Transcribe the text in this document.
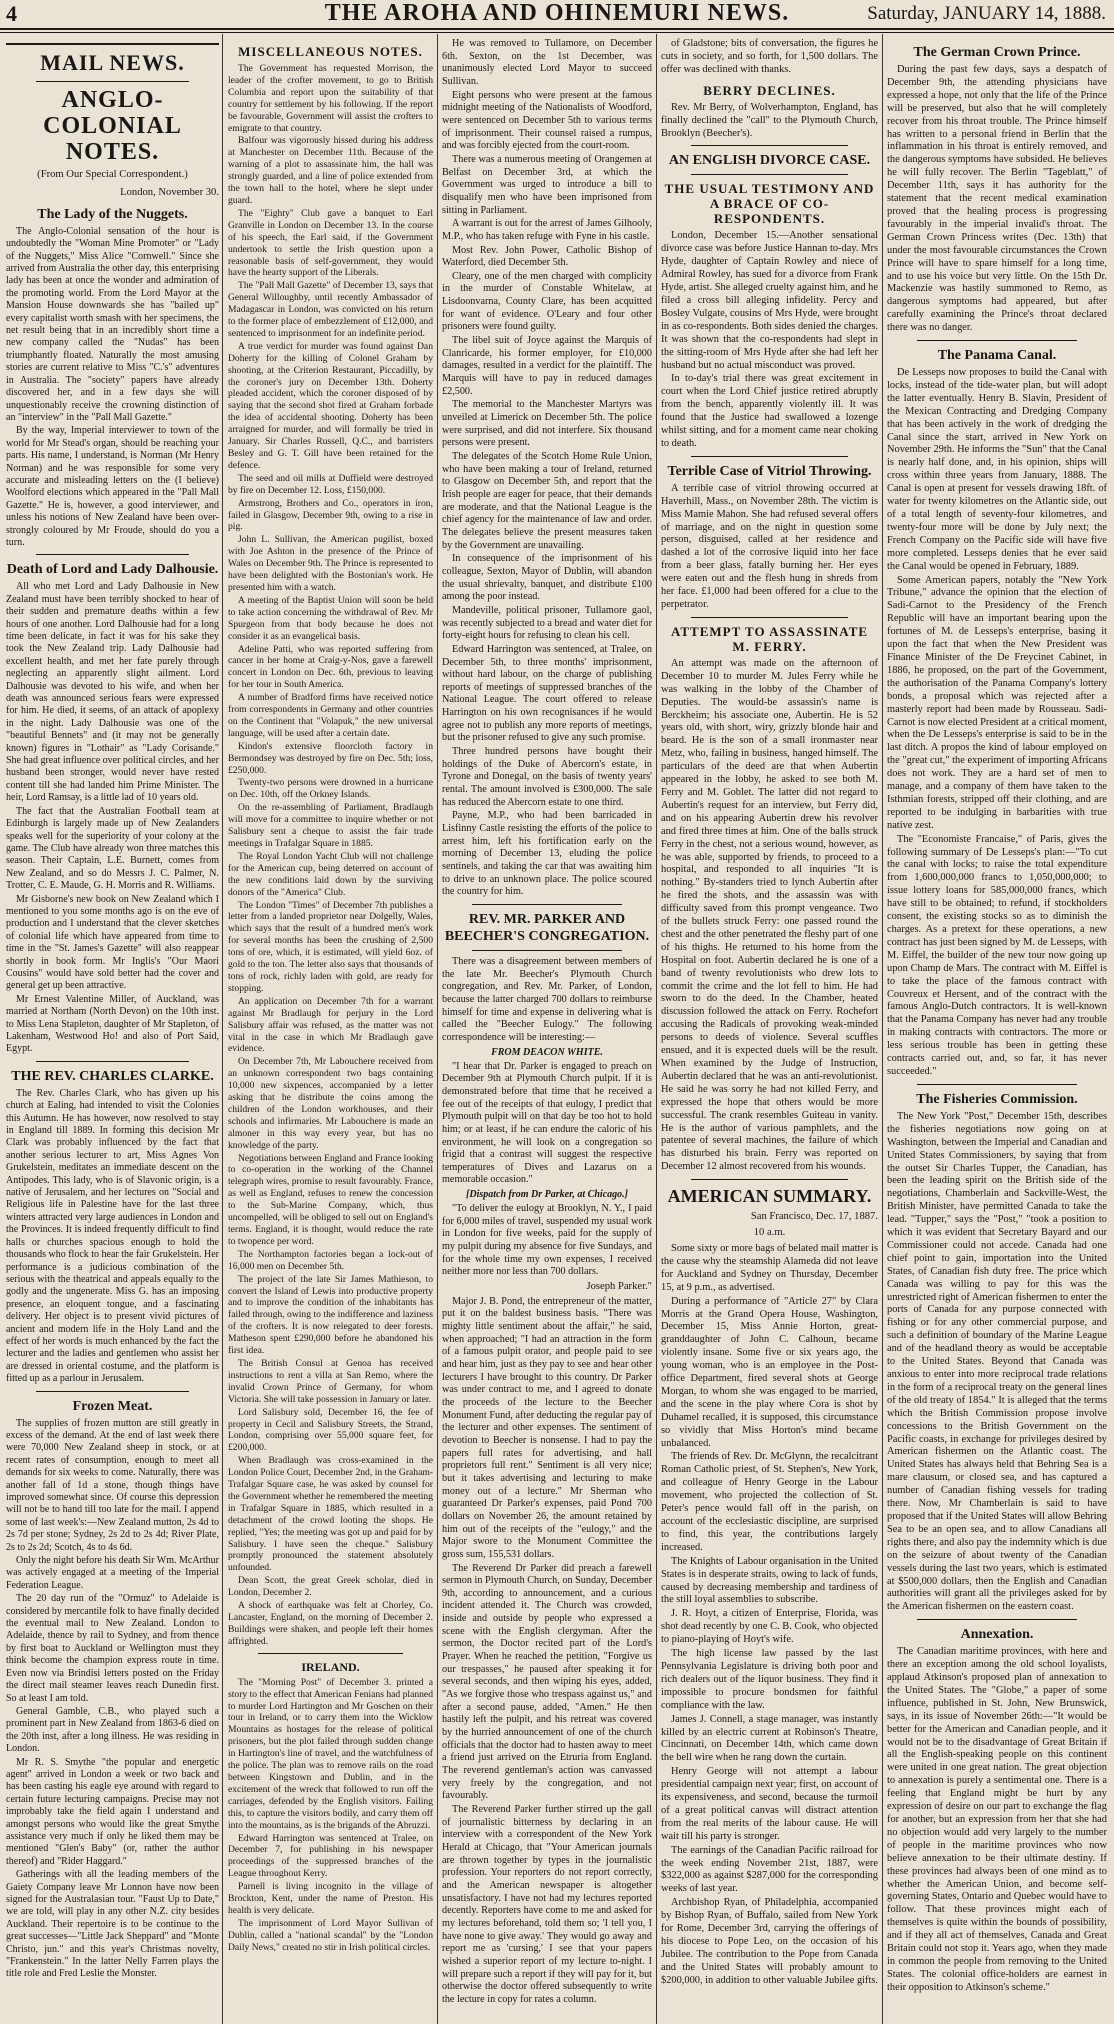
4	THE AROHA AND OHINEMURI NEWS.	Saturday, JANUARY 14, 1888.
MAIL NEWS.
ANGLO-COLONIAL NOTES.
(From Our Special Correspondent.)
London, November 30.
The Lady of the Nuggets.

The Anglo-Colonial sensation of the hour is undoubtedly the "Woman Mine Promoter" or "Lady of the Nuggets," Miss Alice "Cornwell." Since she arrived from Australia the other day, this enterprising lady has been at once the wonder and admiration of the promoting world. From the Lord Mayor at the Mansion House downwards she has "bailed up" every capitalist worth smash with her specimens, the net result being that in an incredibly short time a new company called the "Nudas" has been triumphantly floated. Naturally the most amusing stories are current relative to Miss "C.'s" adventures in Australia. The "society" papers have already discovered her, and in a few days she will unquestionably receive the crowning distinction of an "interview" in the "Pall Mall Gazette."

By the way, Imperial interviewer to town of the world for Mr Stead's organ, should be reaching your parts. His name, I understand, is Norman (Mr Henry Norman) and he was responsible for some very accurate and misleading letters on the (I believe) Woolford elections which appeared in the "Pall Mall Gazette." He is, however, a good interviewer, and unless his notions of New Zealand have been over-strongly coloured by Mr Froude, should do you a turn.

Death of Lord and Lady Dalhousie.

All who met Lord and Lady Dalhousie in New Zealand must have been terribly shocked to hear of their sudden and premature deaths within a few hours of one another. Lord Dalhousie had for a long time been delicate, in fact it was for his sake they took the New Zealand trip. Lady Dalhousie had excellent health, and met her fate purely through neglecting an apparently slight ailment. Lord Dalhousie was devoted to his wife, and when her death was announced serious fears were expressed for him. He died, it seems, of an attack of apoplexy in the night. Lady Dalhousie was one of the "beautiful Bennets" and (it may not be generally known) figures in "Lothair" as "Lady Corisande." She had great influence over political circles, and her husband been stronger, would never have rested content till she had landed him Prime Minister. The heir, Lord Ramsay, is a little lad of 10 years old.

The fact that the Australian Football team at Edinburgh is largely made up of New Zealanders speaks well for the superiority of your colony at the game. The Club have already won three matches this season. Their Captain, L.E. Burnett, comes from New Zealand, and so do Messrs J. C. Palmer, N. Trotter, C. E. Maude, G. H. Morris and R. Williams.

Mr Gisborne's new book on New Zealand which I mentioned to you some months ago is on the eve of production and I understand that the clever sketches of colonial life which have appeared from time to time in the "St. James's Gazette" will also reappear shortly in book form. Mr Inglis's "Our Maori Cousins" would have sold better had the cover and general get up been attractive.

Mr Ernest Valentine Miller, of Auckland, was married at Northam (North Devon) on the 10th inst. to Miss Lena Stapleton, daughter of Mr Stapleton, of Lakenham, Westwood Ho! and also of Port Said, Egypt.

THE REV. CHARLES CLARKE.

The Rev. Charles Clark, who has given up his church at Ealing, had intended to visit the Colonies this Autumn. He has however, now resolved to stay in England till 1889. In forming this decision Mr Clark was probably influenced by the fact that another serious lecturer to art, Miss Agnes Von Grukelstein, meditates an immediate descent on the Antipodes. This lady, who is of Slavonic origin, is a native of Jerusalem, and her lectures on "Social and Religious life in Palestine have for the last three winters attracted very large audiences in London and the Provinces. It is indeed frequently difficult to find halls or churches spacious enough to hold the thousands who flock to hear the fair Grukelstein. Her performance is a judicious combination of the serious with the theatrical and appeals equally to the godly and the ungenerate. Miss G. has an imposing presence, an eloquent tongue, and a fascinating delivery. Her object is to present vivid pictures of ancient and modern life in the Holy Land and the effect of her words is much enhanced by the fact the lecturer and the ladies and gentlemen who assist her are dressed in oriental costume, and the platform is fitted up as a parlour in Jerusalem.

Frozen Meat.

The supplies of frozen mutton are still greatly in excess of the demand. At the end of last week there were 70,000 New Zealand sheep in stock, or at recent rates of consumption, enough to meet all demands for six weeks to come. Naturally, there was another fall of 1d a stone, though things have improved somewhat since. Of course this depression will not be to hand till too late for the mail. I append some of last week's:—New Zealand mutton, 2s 4d to 2s 7d per stone; Sydney, 2s 2d to 2s 4d; River Plate, 2s to 2s 2d; Scotch, 4s to 4s 6d.

Only the night before his death Sir Wm. McArthur was actively engaged at a meeting of the Imperial Federation League.

The 20 day run of the "Ormuz" to Adelaide is considered by mercantile folk to have finally decided the eventual mail to New Zealand. London to Adelaide, thence by rail to Sydney, and from thence by first boat to Auckland or Wellington must they think become the champion express route in time. Even now via Brindisi letters posted on the Friday the direct mail steamer leaves reach Dunedin first. So at least I am told.

General Gamble, C.B., who played such a prominent part in New Zealand from 1863-6 died on the 20th inst, after a long illness. He was residing in London.

Mr R. S. Smythe "the popular and energetic agent" arrived in London a week or two back and has been casting his eagle eye around with regard to certain future lecturing campaigns. Precise may not improbably take the field again I understand and amongst persons who would like the great Smythe assistance very much if only he liked them may be mentioned "Glen's Baby" (or, rather the author thereof) and "Rider Haggard."

Gatherings with all the leading members of the Gaiety Company leave Mr Lonnon have now been signed for the Australasian tour. "Faust Up to Date," we are told, will play in any other N.Z. city besides Auckland. Their repertoire is to be continue to the great successes—"Little Jack Sheppard" and "Monte Christo, jun." and this year's Christmas novelty, "Frankenstein." In the latter Nelly Farren plays the title role and Fred Leslie the Monster.

MISCELLANEOUS NOTES.

The Government has requested Morrison, the leader of the crofter movement, to go to British Columbia and report upon the suitability of that country for settlement by his following. If the report be favourable, Government will assist the crofters to emigrate to that country.

Balfour was vigorously hissed during his address at Manchester on December 11th. Because of the warning of a plot to assassinate him, the hall was strongly guarded, and a line of police extended from the town hall to the hotel, where he slept under guard.

The "Eighty" Club gave a banquet to Earl Granville in London on December 13. In the course of his speech, the Earl said, if the Government undertook to settle the Irish question upon a reasonable basis of self-government, they would have the hearty support of the Liberals.

The "Pall Mall Gazette" of December 13, says that General Willoughby, until recently Ambassador of Madagascar in London, was convicted on his return to the former place of embezzlement of £12,000, and sentenced to imprisonment for an indefinite period.

A true verdict for murder was found against Dan Doherty for the killing of Colonel Graham by shooting, at the Criterion Restaurant, Piccadilly, by the coroner's jury on December 13th. Doherty pleaded accident, which the coroner disposed of by saying that the second shot fired at Graham forbade the idea of accidental shooting. Doherty has been arraigned for murder, and will formally be tried in January. Sir Charles Russell, Q.C., and barristers Besley and G. T. Gill have been retained for the defence.

The seed and oil mills at Duffield were destroyed by fire on December 12. Loss, £150,000.

Armstrong, Brothers and Co., operators in iron, failed in Glasgow, December 9th, owing to a rise in pig.

John L. Sullivan, the American pugilist, boxed with Joe Ashton in the presence of the Prince of Wales on December 9th. The Prince is represented to have been delighted with the Bostonian's work. He presented him with a watch.

A meeting of the Baptist Union will soon be held to take action concerning the withdrawal of Rev. Mr Spurgeon from that body because he does not consider it as an evangelical basis.

Adeline Patti, who was reported suffering from cancer in her home at Craig-y-Nos, gave a farewell concert in London on Dec. 6th, previous to leaving for her tour in South America.

A number of Bradford firms have received notice from correspondents in Germany and other countries on the Continent that "Volapuk," the new universal language, will be used after a certain date.

Kindon's extensive floorcloth factory in Bermondsey was destroyed by fire on Dec. 5th; loss, £250,000.

Twenty-two persons were drowned in a hurricane on Dec. 10th, off the Orkney Islands.

On the re-assembling of Parliament, Bradlaugh will move for a committee to inquire whether or not Salisbury sent a cheque to assist the fair trade meetings in Trafalgar Square in 1885.

The Royal London Yacht Club will not challenge for the American cup, being deterred on account of the new conditions laid down by the surviving donors of the "America" Club.

The London "Times" of December 7th publishes a letter from a landed proprietor near Dolgelly, Wales, which says that the result of a hundred men's work for several months has been the crushing of 2,500 tons of ore, which, it is estimated, will yield 6oz. of gold to the ton. The letter also says that thousands of tons of rock, richly laden with gold, are ready for stopping.

An application on December 7th for a warrant against Mr Bradlaugh for perjury in the Lord Salisbury affair was refused, as the matter was not vital in the case in which Mr Bradlaugh gave evidence.

On December 7th, Mr Labouchere received from an unknown correspondent two bags containing 10,000 new sixpences, accompanied by a letter asking that he distribute the coins among the children of the London workhouses, and their schools and infirmaries. Mr Labouchere is made an almoner in this way every year, but has no knowledge of the party.

Negotiations between England and France looking to co-operation in the working of the Channel telegraph wires, promise to result favourably. France, as well as England, refuses to renew the concession to the Sub-Marine Company, which, thus uncompelled, will be obliged to sell out on England's terms. England, it is thought, would reduce the rate to twopence per word.

The Northampton factories began a lock-out of 16,000 men on December 5th.

The project of the late Sir James Mathieson, to convert the Island of Lewis into productive property and to improve the condition of the inhabitants has failed through, owing to the indifference and laziness of the crofters. It is now relegated to deer forests. Matheson spent £290,000 before he abandoned his first idea.

The British Consul at Genoa has received instructions to rent a villa at San Remo, where the invalid Crown Prince of Germany, for whom Victoria. She will take possession in January or later.

Lord Salisbury sold, December 16, the fee of property in Cecil and Salisbury Streets, the Strand, London, comprising over 55,000 square feet, for £200,000.

When Bradlaugh was cross-examined in the London Police Court, December 2nd, in the Graham-Trafalgar Square case, he was asked by counsel for the Government whether he remembered the meeting in Trafalgar Square in 1885, which resulted in a detachment of the crowd looting the shops. He replied, "Yes; the meeting was got up and paid for by Salisbury. I have seen the cheque." Salisbury promptly pronounced the statement absolutely unfounded.

Dean Scott, the great Greek scholar, died in London, December 2.

A shock of earthquake was felt at Chorley, Co. Lancaster, England, on the morning of December 2. Buildings were shaken, and people left their homes affrighted.

IRELAND.

The "Morning Post" of December 3. printed a story to the effect that American Fenians had planned to murder Lord Hartington and Mr Goschen on their tour in Ireland, or to carry them into the Wicklow Mountains as hostages for the release of political prisoners, but the plot failed through sudden change in Hartington's line of travel, and the watchfulness of the police. The plan was to remove rails on the road between Kingstown and Dublin, and in the excitement of the wreck that followed to run off the carriages, defended by the English visitors. Failing this, to capture the visitors bodily, and carry them off into the mountains, as is the brigands of the Abruzzi.

Edward Harrington was sentenced at Tralee, on December 7, for publishing in his newspaper proceedings of the suppressed branches of the League throughout Kerry.

Parnell is living incognito in the village of Brockton, Kent, under the name of Preston. His health is very delicate.

The imprisonment of Lord Mayor Sullivan of Dublin, called a "national scandal" by the "London Daily News," created no stir in Irish political circles.

He was removed to Tullamore, on December 6th. Sexton, on the 1st December, was unanimously elected Lord Mayor to succeed Sullivan.

Eight persons who were present at the famous midnight meeting of the Nationalists of Woodford, were sentenced on December 5th to various terms of imprisonment. Their counsel raised a rumpus, and was forcibly ejected from the court-room.

There was a numerous meeting of Orangemen at Belfast on December 3rd, at which the Government was urged to introduce a bill to disqualify men who have been imprisoned from sitting in Parliament.

A warrant is out for the arrest of James Gilhooly, M.P., who has taken refuge with Fyne in his castle.

Most Rev. John Power, Catholic Bishop of Waterford, died December 5th.

Cleary, one of the men charged with complicity in the murder of Constable Whitelaw, at Lisdoonvarna, County Clare, has been acquitted for want of evidence. O'Leary and four other prisoners were found guilty.

The libel suit of Joyce against the Marquis of Clanricarde, his former employer, for £10,000 damages, resulted in a verdict for the plaintiff. The Marquis will have to pay in reduced damages £2,500.

The memorial to the Manchester Martyrs was unveiled at Limerick on December 5th. The police were surprised, and did not interfere. Six thousand persons were present.

The delegates of the Scotch Home Rule Union, who have been making a tour of Ireland, returned to Glasgow on December 5th, and report that the Irish people are eager for peace, that their demands are moderate, and that the National League is the chief agency for the maintenance of law and order. The delegates believe the present measures taken by the Government are unavailing.

In consequence of the imprisonment of his colleague, Sexton, Mayor of Dublin, will abandon the usual shrievalty, banquet, and distribute £100 among the poor instead.

Mandeville, political prisoner, Tullamore gaol, was recently subjected to a bread and water diet for forty-eight hours for refusing to clean his cell.

Edward Harrington was sentenced, at Tralee, on December 5th, to three months' imprisonment, without hard labour, on the charge of publishing reports of meetings of suppressed branches of the National League. The court offered to release Harrington on his own recognisances if he would agree not to publish any more reports of meetings, but the prisoner refused to give any such promise.

Three hundred persons have bought their holdings of the Duke of Abercorn's estate, in Tyrone and Donegal, on the basis of twenty years' rental. The amount involved is £300,000. The sale has reduced the Abercorn estate to one third.

Payne, M.P., who had been barricaded in Lisfinny Castle resisting the efforts of the police to arrest him, left his fortification early on the morning of December 13, eluding the police sentinels, and taking the car that was awaiting him to drive to an unknown place. The police scoured the country for him.

REV. MR. PARKER AND BEECHER'S CONGREGATION.

There was a disagreement between members of the late Mr. Beecher's Plymouth Church congregation, and Rev. Mr. Parker, of London, because the latter charged 700 dollars to reimburse himself for time and expense in delivering what is called the "Beecher Eulogy." The following correspondence will be interesting:—

FROM DEACON WHITE.

"I hear that Dr. Parker is engaged to preach on December 9th at Plymouth Church pulpit. If it is demonstrated before that time that he received a fee out of the receipts of that eulogy, I predict that Plymouth pulpit will on that day be too hot to hold him; or at least, if he can endure the caloric of his environment, he will look on a congregation so frigid that a contrast will suggest the respective temperatures of Dives and Lazarus on a memorable occasion."

[Dispatch from Dr Parker, at Chicago.]

"To deliver the eulogy at Brooklyn, N. Y., I paid for 6,000 miles of travel, suspended my usual work in London for five weeks, paid for the supply of my pulpit during my absence for five Sundays, and for the whole time my own expenses, I received neither more nor less than 700 dollars.

Joseph Parker."

Major J. B. Pond, the entrepreneur of the matter, put it on the baldest business basis. "There was mighty little sentiment about the affair," he said, when approached; "I had an attraction in the form of a famous pulpit orator, and people paid to see and hear him, just as they pay to see and hear other lecturers I have brought to this country. Dr Parker was under contract to me, and I agreed to donate the proceeds of the lecture to the Beecher Monument Fund, after deducting the regular pay of the lecturer and other expenses. The sentiment of devotion to Beecher is nonsense. I had to pay the papers full rates for advertising, and hall proprietors full rent." Sentiment is all very nice; but it takes advertising and lecturing to make money out of a lecture." Mr Sherman who guaranteed Dr Parker's expenses, paid Pond 700 dollars on November 26, the amount retained by him out of the receipts of the "eulogy," and the Major swore to the Monument Committee the gross sum, 155,531 dollars.

The Reverend Dr Parker did preach a farewell sermon in Plymouth Church, on Sunday, December 9th, according to announcement, and a curious incident attended it. The Church was crowded, inside and outside by people who expressed a scene with the English clergyman. After the sermon, the Doctor recited part of the Lord's Prayer. When he reached the petition, "Forgive us our trespasses," he paused after speaking it for several seconds, and then wiping his eyes, added, "As we forgive those who trespass against us," and after a second pause, added, "Amen." He then hastily left the pulpit, and his retreat was covered by the hurried announcement of one of the church officials that the doctor had to hasten away to meet a friend just arrived on the Etruria from England. The reverend gentleman's action was canvassed very freely by the congregation, and not favourably.

The Reverend Parker further stirred up the gall of journalistic bitterness by declaring in an interview with a correspondent of the New York Herald at Chicago, that "Your American journals are thrown together by types in the journalistic profession. Your reporters do not report correctly, and the American newspaper is altogether unsatisfactory. I have not had my lectures reported decently. Reporters have come to me and asked for my lectures beforehand, told them so; 'I tell you, I have none to give away.' They would go away and report me as 'cursing,' I see that your papers wished a superior report of my lecture to-night. I will prepare such a report if they will pay for it, but otherwise the doctor offered subsequently to write the lecture in copy for rates a column.

of Gladstone; bits of conversation, the figures he cuts in society, and so forth, for 1,500 dollars. The offer was declined with thanks.

BERRY DECLINES.

Rev. Mr Berry, of Wolverhampton, England, has finally declined the "call" to the Plymouth Church, Brooklyn (Beecher's).

AN ENGLISH DIVORCE CASE.
THE USUAL TESTIMONY AND A BRACE OF CO-RESPONDENTS.

London, December 15.—Another sensational divorce case was before Justice Hannan to-day. Mrs Hyde, daughter of Captain Rowley and niece of Admiral Rowley, has sued for a divorce from Frank Hyde, artist. She alleged cruelty against him, and he filed a cross bill alleging infidelity. Percy and Bosley Vulgate, cousins of Mrs Hyde, were brought in as co-respondents. Both sides denied the charges. It was shown that the co-respondents had slept in the sitting-room of Mrs Hyde after she had left her husband but no actual misconduct was proved.

In to-day's trial there was great excitement in court when the Lord Chief justice retired abruptly from the bench, apparently violently ill. It was found that the Justice had swallowed a lozenge whilst sitting, and for a moment came near choking to death.

Terrible Case of Vitriol Throwing.

A terrible case of vitriol throwing occurred at Haverhill, Mass., on November 28th. The victim is Miss Mamie Mahon. She had refused several offers of marriage, and on the night in question some person, disguised, called at her residence and dashed a lot of the corrosive liquid into her face from a beer glass, fatally burning her. Her eyes were eaten out and the flesh hung in shreds from her face. £1,000 had been offered for a clue to the perpetrator.

ATTEMPT TO ASSASSINATE M. FERRY.

An attempt was made on the afternoon of December 10 to murder M. Jules Ferry while he was walking in the lobby of the Chamber of Deputies. The would-be assassin's name is Berckheim; his associate one, Aubertin. He is 52 years old, with short, wiry, grizzly blonde hair and beard. He is the son of a small ironmaster near Metz, who, failing in business, hanged himself. The particulars of the deed are that when Aubertin appeared in the lobby, he asked to see both M. Ferry and M. Goblet. The latter did not regard to Aubertin's request for an interview, but Ferry did, and on his appearing Aubertin drew his revolver and fired three times at him. One of the balls struck Ferry in the chest, not a serious wound, however, as he was able, supported by friends, to proceed to a hospital, and responded to all inquiries "It is nothing." By-standers tried to lynch Aubertin after he fired the shots, and the assassin was with difficulty saved from this prompt vengeance. Two of the bullets struck Ferry: one passed round the chest and the other penetrated the fleshy part of one of his thighs. He returned to his home from the Hospital on foot. Aubertin declared he is one of a band of twenty revolutionists who drew lots to commit the crime and the lot fell to him. He had sworn to do the deed. In the Chamber, heated discussion followed the attack on Ferry. Rochefort accusing the Radicals of provoking weak-minded persons to deeds of violence. Several scuffles ensued, and it is expected duels will be the result. When examined by the Judge of Instruction, Aubertin declared that he was an anti-revolutionist. He said he was sorry he had not killed Ferry, and expressed the hope that others would be more successful. The crank resembles Guiteau in vanity. He is the author of various pamphlets, and the patentee of several machines, the failure of which has disturbed his brain. Ferry was reported on December 12 almost recovered from his wounds.

AMERICAN SUMMARY.
San Francisco, Dec. 17, 1887.
10 a.m.

Some sixty or more bags of belated mail matter is the cause why the steamship Alameda did not leave for Auckland and Sydney on Thursday, December 15, at 9 p.m., as advertised.

During a performance of "Article 27" by Clara Morris at the Grand Opera House, Washington, December 15, Miss Annie Horton, great-granddaughter of John C. Calhoun, became violently insane. Some five or six years ago, the young woman, who is an employee in the Post-office Department, fired several shots at George Morgan, to whom she was engaged to be married, and the scene in the play where Cora is shot by Duhamel recalled, it is supposed, this circumstance so vividly that Miss Horton's mind became unbalanced.

The friends of Rev. Dr. McGlynn, the recalcitrant Roman Catholic priest, of St. Stephen's, New York, and colleague of Henry George in the Labour movement, who projected the collection of St. Peter's pence would fall off in the parish, on account of the ecclesiastic discipline, are surprised to find, this year, the contributions largely increased.

The Knights of Labour organisation in the United States is in desperate straits, owing to lack of funds, caused by decreasing membership and tardiness of the still loyal assemblies to subscribe.

J. R. Hoyt, a citizen of Enterprise, Florida, was shot dead recently by one C. B. Cook, who objected to piano-playing of Hoyt's wife.

The high license law passed by the last Pennsylvania Legislature is driving both poor and rich dealers out of the liquor business. They find it impossible to procure bondsmen for faithful compliance with the law.

James J. Connell, a stage manager, was instantly killed by an electric current at Robinson's Theatre, Cincinnati, on December 14th, which came down the bell wire when he rang down the curtain.

Henry George will not attempt a labour presidential campaign next year; first, on account of its expensiveness, and second, because the turmoil of a great political canvas will distract attention from the real merits of the labour cause. He will wait till his party is stronger.

The earnings of the Canadian Pacific railroad for the week ending November 21st, 1887, were $322,000 as against $287,000 for the corresponding weeks of last year.

Archbishop Ryan, of Philadelphia, accompanied by Bishop Ryan, of Buffalo, sailed from New York for Rome, December 3rd, carrying the offerings of his diocese to Pope Leo, on the occasion of his Jubilee. The contribution to the Pope from Canada and the United States will probably amount to $200,000, in addition to other valuable Jubilee gifts.

The German Crown Prince.

During the past few days, says a despatch of December 9th, the attending physicians have expressed a hope, not only that the life of the Prince will be preserved, but also that he will completely recover from his throat trouble. The Prince himself has written to a personal friend in Berlin that the inflammation in his throat is entirely removed, and the dangerous symptoms have subsided. He believes he will fully recover. The Berlin "Tageblatt," of December 11th, says it has authority for the statement that the recent medical examination proved that the healing process is progressing favourably in the imperial invalid's throat. The German Crown Princess writes (Dec. 13th) that under the most favourable circumstances the Crown Prince will have to spare himself for a long time, and to use his voice but very little. On the 15th Dr. Mackenzie was hastily summoned to Remo, as dangerous symptoms had appeared, but after carefully examining the Prince's throat declared there was no danger.

The Panama Canal.

De Lesseps now proposes to build the Canal with locks, instead of the tide-water plan, but will adopt the latter eventually. Henry B. Slavin, President of the Mexican Contracting and Dredging Company that has been actively in the work of dredging the Canal since the start, arrived in New York on November 29th. He informs the "Sun" that the Canal is nearly half done, and, in his opinion, ships will cross within three years from January, 1888. The Canal is open at present for vessels drawing 18ft. of water for twenty kilometres on the Atlantic side, out of a total length of seventy-four kilometres, and twenty-four more will be done by July next; the French Company on the Pacific side will have five more completed. Lesseps denies that he ever said the Canal would be opened in February, 1889.

Some American papers, notably the "New York Tribune," advance the opinion that the election of Sadi-Carnot to the Presidency of the French Republic will have an important bearing upon the fortunes of M. de Lesseps's enterprise, basing it upon the fact that when the New President was Finance Minister of the De Freycinet Cabinet, in 1886, he proposed, on the part of the Government, the authorisation of the Panama Company's lottery bonds, a proposal which was rejected after a masterly report had been made by Rousseau. Sadi-Carnot is now elected President at a critical moment, when the De Lesseps's enterprise is said to be in the last ditch. A propos the kind of labour employed on the "great cut," the experiment of importing Africans does not work. They are a hard set of men to manage, and a company of them have taken to the Isthmian forests, stripped off their clothing, and are reported to be indulging in barbarities with true native zest.

The "Economiste Francaise," of Paris, gives the following summary of De Lesseps's plan:—"To cut the canal with locks; to raise the total expenditure from 1,600,000,000 francs to 1,050,000,000; to issue lottery loans for 585,000,000 francs, which have still to be obtained; to refund, if stockholders consent, the existing stocks so as to diminish the charges. As a pretext for these operations, a new contract has just been signed by M. de Lesseps, with M. Eiffel, the builder of the new tour now going up upon Champ de Mars. The contract with M. Eiffel is to take the place of the famous contract with Couvreux et Hersent, and of the contract with the famous Anglo-Dutch contractors. It is well-known that the Panama Company has never had any trouble in making contracts with contractors. The more or less serious trouble has been in getting these contracts carried out, and, so far, it has never succeeded."

The Fisheries Commission.

The New York "Post," December 15th, describes the fisheries negotiations now going on at Washington, between the Imperial and Canadian and United States Commissioners, by saying that from the outset Sir Charles Tupper, the Canadian, has been the leading spirit on the British side of the negotiations, Chamberlain and Sackville-West, the British Minister, have permitted Canada to take the lead. "Tupper," says the "Post," "took a position to which it was evident that Secretary Bayard and our Commissioner could not accede. Canada had one chief point to gain, importation into the United States, of Canadian fish duty free. The price which Canada was willing to pay for this was the unrestricted right of American fishermen to enter the ports of Canada for any purpose connected with fishing or for any other commercial purpose, and such a definition of boundary of the Marine League and of the headland theory as would be acceptable to the United States. Beyond that Canada was anxious to enter into more reciprocal trade relations in the form of a reciprocal treaty on the general lines of the old treaty of 1854." It is alleged that the terms which the British Commission propose involve concessions to the British Government on the Pacific coasts, in exchange for privileges desired by American fishermen on the Atlantic coast. The United States has always held that Behring Sea is a mare clausum, or closed sea, and has captured a number of Canadian fishing vessels for trading there. Now, Mr Chamberlain is said to have proposed that if the United States will allow Behring Sea to be an open sea, and to allow Canadians all rights there, and also pay the indemnity which is due on the seizure of about twenty of the Canadian vessels during the last two years, which is estimated at $500,000 dollars, then the English and Canadian authorities will grant all the privileges asked for by the American fishermen on the eastern coast.

Annexation.

The Canadian maritime provinces, with here and there an exception among the old school loyalists, applaud Atkinson's proposed plan of annexation to the United States. The "Globe," a paper of some influence, published in St. John, New Brunswick, says, in its issue of November 26th:—"It would be better for the American and Canadian people, and it would not be to the disadvantage of Great Britain if all the English-speaking people on this continent were united in one great nation. The great objection to annexation is purely a sentimental one. There is a feeling that England might be hurt by any expression of desire on our part to exchange the flag for another, but an expression from her that she had no objection would add very largely to the number of people in the maritime provinces who now believe annexation to be their ultimate destiny. If these provinces had always been of one mind as to whether the American Union, and become self-governing States, Ontario and Quebec would have to follow. That these provinces might each of themselves is quite within the bounds of possibility, and if they all act of themselves, Canada and Great Britain could not stop it. Years ago, when they made in common the people from removing to the United States. The colonial office-holders are earnest in their opposition to Atkinson's scheme."
